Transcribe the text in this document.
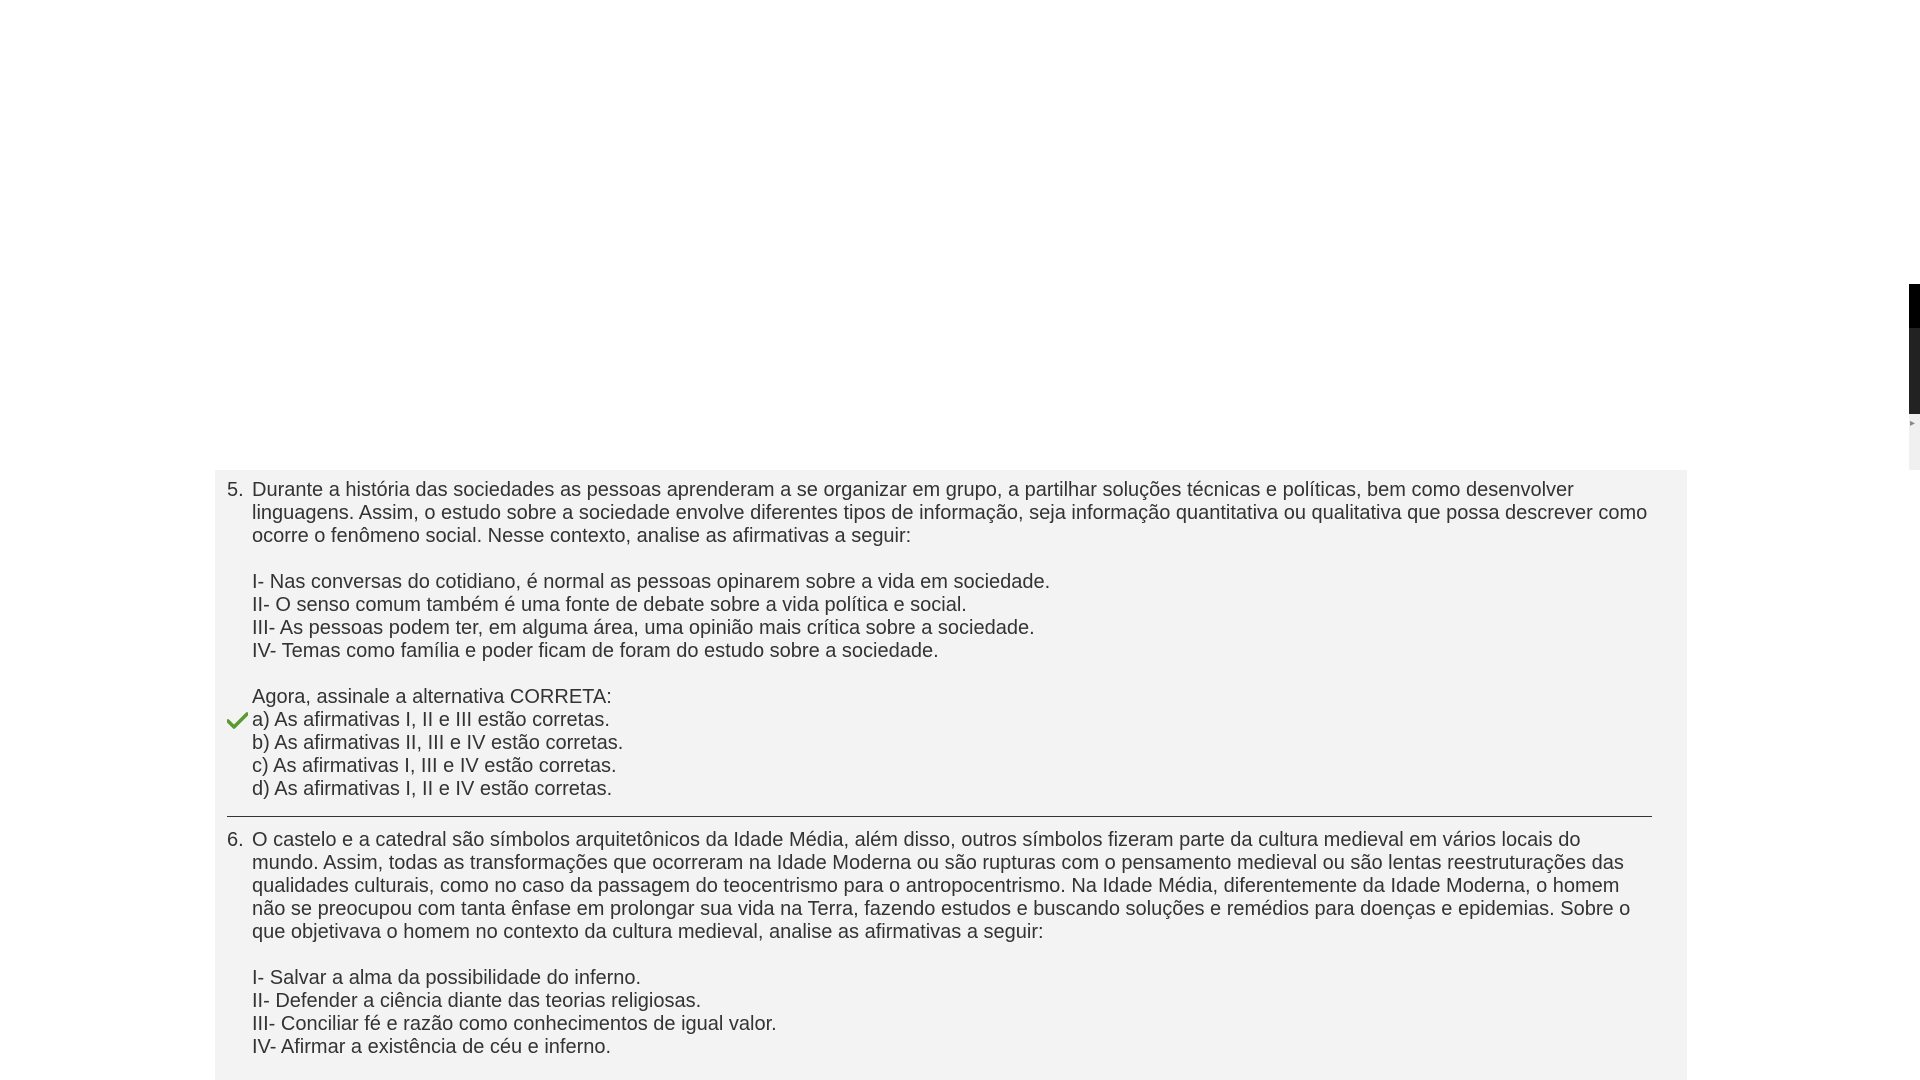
▸
5. Durante a história das sociedades as pessoas aprenderam a se organizar em grupo, a partilhar soluções técnicas e políticas, bem como desenvolver
linguagens. Assim, o estudo sobre a sociedade envolve diferentes tipos de informação, seja informação quantitativa ou qualitativa que possa descrever como
ocorre o fenômeno social. Nesse contexto, analise as afirmativas a seguir:
I- Nas conversas do cotidiano, é normal as pessoas opinarem sobre a vida em sociedade.
II- O senso comum também é uma fonte de debate sobre a vida política e social.
III- As pessoas podem ter, em alguma área, uma opinião mais crítica sobre a sociedade.
IV- Temas como família e poder ficam de foram do estudo sobre a sociedade.
Agora, assinale a alternativa CORRETA:
a) As afirmativas I, II e III estão corretas.
b) As afirmativas II, III e IV estão corretas.
c) As afirmativas I, III e IV estão corretas.
d) As afirmativas I, II e IV estão corretas.
6. O castelo e a catedral são símbolos arquitetônicos da Idade Média, além disso, outros símbolos fizeram parte da cultura medieval em vários locais do
mundo. Assim, todas as transformações que ocorreram na Idade Moderna ou são rupturas com o pensamento medieval ou são lentas reestruturações das
qualidades culturais, como no caso da passagem do teocentrismo para o antropocentrismo. Na Idade Média, diferentemente da Idade Moderna, o homem
não se preocupou com tanta ênfase em prolongar sua vida na Terra, fazendo estudos e buscando soluções e remédios para doenças e epidemias. Sobre o
que objetivava o homem no contexto da cultura medieval, analise as afirmativas a seguir:
I- Salvar a alma da possibilidade do inferno.
II- Defender a ciência diante das teorias religiosas.
III- Conciliar fé e razão como conhecimentos de igual valor.
IV- Afirmar a existência de céu e inferno.
